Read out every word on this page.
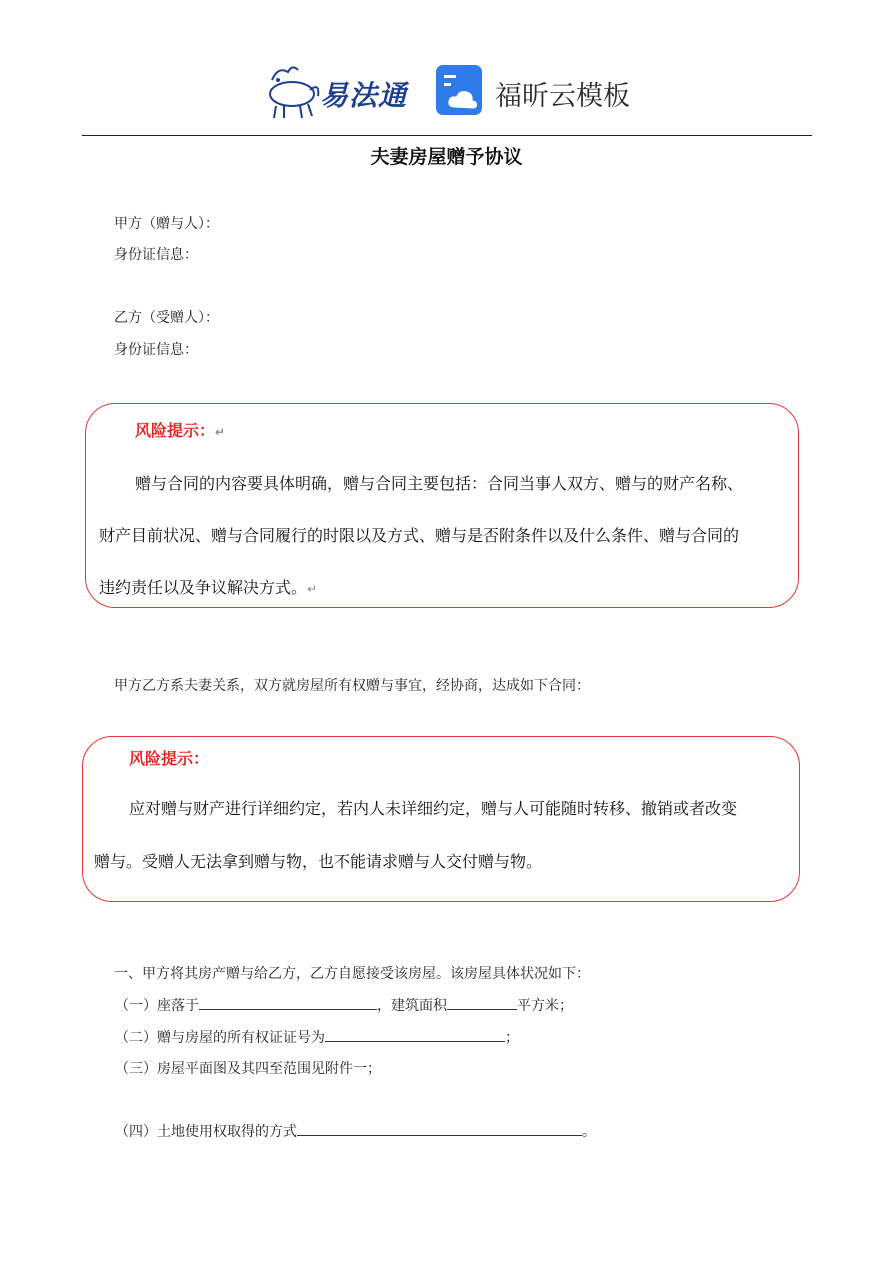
易法通	福昕云模板
夫妻房屋赠予协议
甲方（赠与人）：
身份证信息：
乙方（受赠人）：
身份证信息：
风险提示：↵
赠与合同的内容要具体明确，赠与合同主要包括：合同当事人双方、赠与的财产名称、
财产目前状况、赠与合同履行的时限以及方式、赠与是否附条件以及什么条件、赠与合同的
违约责任以及争议解决方式。↵
甲方乙方系夫妻关系，双方就房屋所有权赠与事宜，经协商，达成如下合同：
风险提示：
应对赠与财产进行详细约定，若内人未详细约定，赠与人可能随时转移、撤销或者改变
赠与。受赠人无法拿到赠与物，也不能请求赠与人交付赠与物。
一、甲方将其房产赠与给乙方，乙方自愿接受该房屋。该房屋具体状况如下：
（一）座落于	，建筑面积	平方米；
（二）赠与房屋的所有权证证号为	；
（三）房屋平面图及其四至范围见附件一；
（四）土地使用权取得的方式	。
